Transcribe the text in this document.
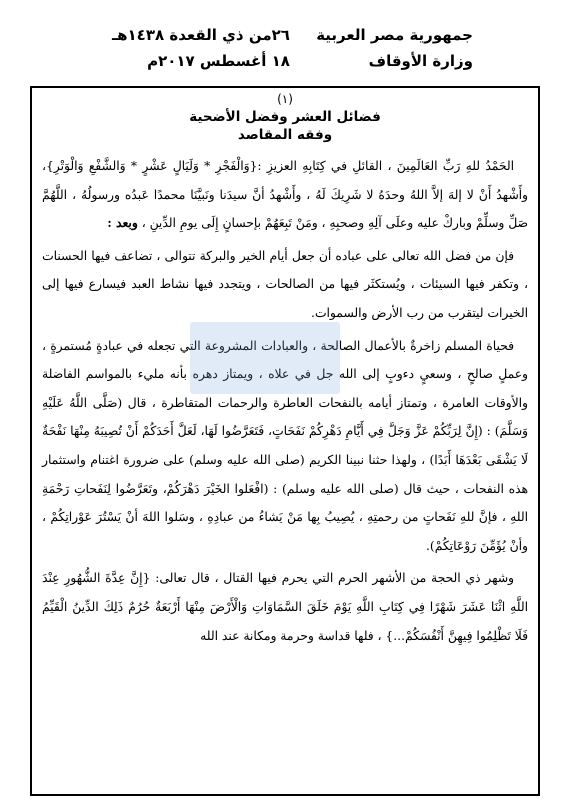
جمهورية مصر العربية
وزارة الأوقاف
٢٦من ذي القعدة ١٤٣٨هـ
١٨ أغسطس ٢٠١٧م
(١)
فضائل العشر وفضل الأضحية
وفقه المقاصد

الحَمْدُ للهِ رَبِّ العَالَمِينَ ، القائلِ في كِتَابِهِ العزيزِ :{وَالْفَجْرِ * وَلَيَالٍ عَشْرٍ * وَالشَّفْعِ وَالْوَتْرِ}، وأَشْهدُ أَنْ لا إلهَ إلاَّ اللهُ وحدَهُ لا شَرِيكَ لَهُ ، وأَشْهدُ أنَّ سيدَنا ونَبيَّنَا محمدًا عَبدُه ورسولُهُ ، اللَّهُمَّ صَلِّ وسلِّمْ وباركْ عليه وعلَى آلِهِ وصحبِهِ ، ومَنْ تَبِعَهُمْ بإحسانٍ إِلَى يومِ الدِّينِ ، وبعد :

فإن من فضل الله تعالى على عباده أن جعل أيام الخير والبركة تتوالى ، تضاعف فيها الحسنات ، وتكفر فيها السيئات ، ويُستكثَر فيها من الصالحات ، ويتجدد فيها نشاط العبد فيسارع فيها إلى الخيرات ليتقرب من رب الأرض والسموات.

فحياة المسلم زاخرةٌ بالأعمال الصالحة ، والعبادات المشروعة التي تجعله في عبادةٍ مُستمرةٍ ، وعملٍ صالحٍ ، وسعيٍ دءوبٍ إلى الله جل في علاه ، ويمتاز دهره بأنه مليء بالمواسم الفاضلة والأوقات العامرة ، وتمتاز أيامه بالنفحات العاطرة والرحمات المتقاطرة ، قال (صَلَّى اللَّهُ عَلَيْهِ وَسَلَّمَ) : (إِنَّ لِرَبِّكُمْ عَزَّ وَجَلَّ فِي أَيَّامِ دَهْرِكُمْ نَفَحَاتٍ، فَتَعَرَّضُوا لَهَا، لَعَلَّ أَحَدَكُمْ أَنْ تُصِيبَهُ مِنْهَا نَفْحَةٌ لَا يَشْقَى بَعْدَهَا أَبَدًا) ، ولهذا حثنا نبينا الكريم (صلى الله عليه وسلم) على ضرورة اغتنام واستثمار هذه النفحات ، حيث قال (صلى الله عليه وسلم) : (افْعَلوا الخَيْرَ دَهْرَكُمْ، وتَعَرَّضُوا لِنَفَحاتِ رَحْمَةِ اللهِ ، فإنَّ للهِ نَفَحاتٍ من رحمتِهِ ، يُصِيبُ بِها مَنْ يَشاءُ من عبادِهِ ، وسَلوا اللهَ أنْ يَسْتُرَ عَوْراتِكُمْ ، وأنْ يُؤَمِّنَ رَوْعَاتِكُمْ).

وشهر ذي الحجة من الأشهر الحرم التي يحرم فيها القتال ، قال تعالى: {إِنَّ عِدَّةَ الشُّهُورِ عِنْدَ اللَّهِ اثْنَا عَشَرَ شَهْرًا فِي كِتَابِ اللَّهِ يَوْمَ خَلَقَ السَّمَاوَاتِ وَالْأَرْضَ مِنْهَا أَرْبَعَةٌ حُرُمٌ ذَلِكَ الدِّينُ الْقَيِّمُ فَلَا تَظْلِمُوا فِيهِنَّ أَنْفُسَكُمْ...} ، فلها قداسة وحرمة ومكانة عند الله
